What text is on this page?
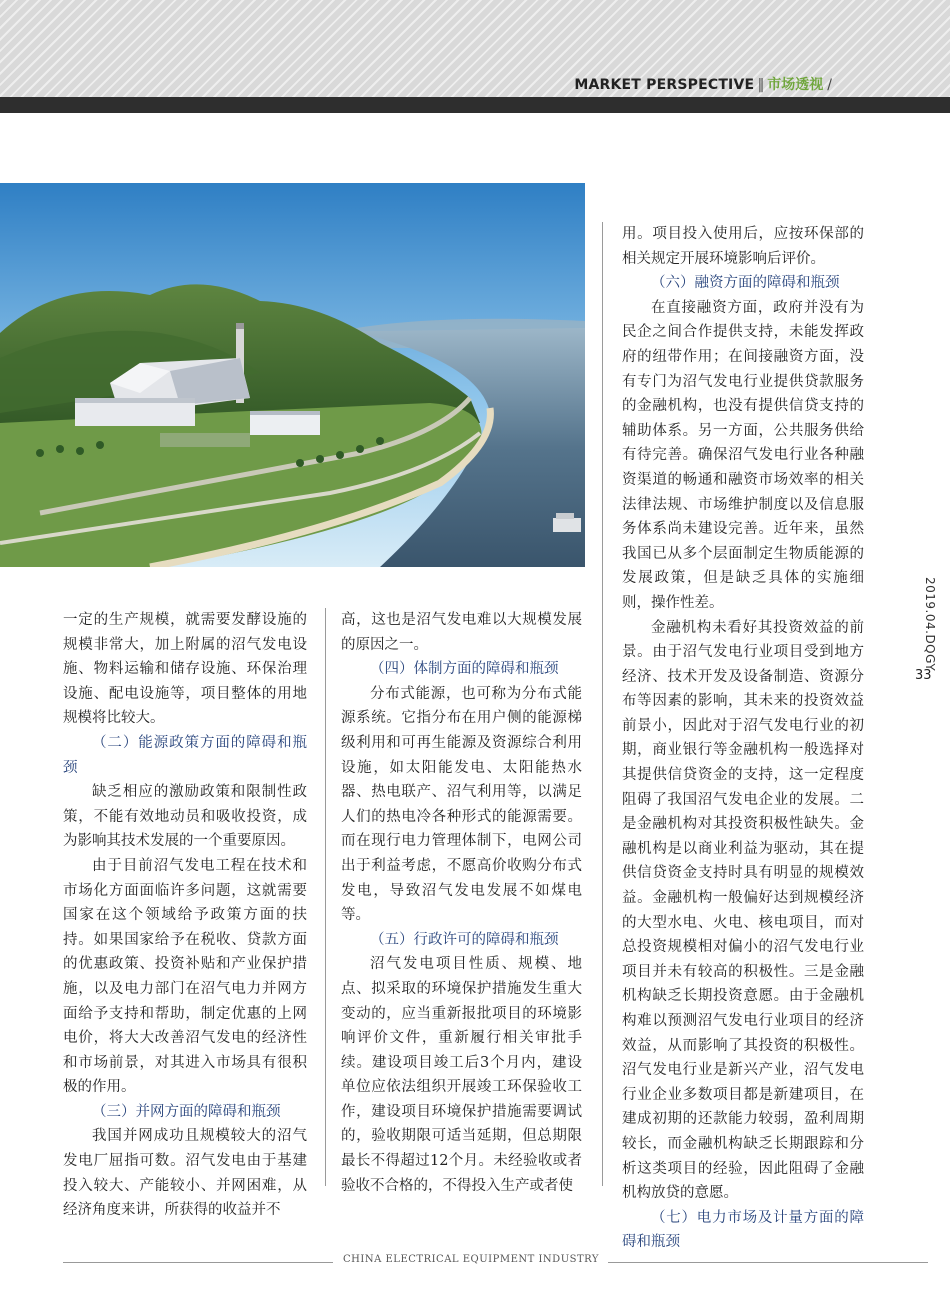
MARKET PERSPECTIVE ‖ 市场透视 /

一定的生产规模，就需要发酵设施的规模非常大，加上附属的沼气发电设施、物料运输和储存设施、环保治理设施、配电设施等，项目整体的用地规模将比较大。

（二）能源政策方面的障碍和瓶颈

缺乏相应的激励政策和限制性政策，不能有效地动员和吸收投资，成为影响其技术发展的一个重要原因。

由于目前沼气发电工程在技术和市场化方面面临许多问题，这就需要国家在这个领域给予政策方面的扶持。如果国家给予在税收、贷款方面的优惠政策、投资补贴和产业保护措施，以及电力部门在沼气电力并网方面给予支持和帮助，制定优惠的上网电价，将大大改善沼气发电的经济性和市场前景，对其进入市场具有很积极的作用。

（三）并网方面的障碍和瓶颈

我国并网成功且规模较大的沼气发电厂屈指可数。沼气发电由于基建投入较大、产能较小、并网困难，从经济角度来讲，所获得的收益并不

高，这也是沼气发电难以大规模发展的原因之一。

（四）体制方面的障碍和瓶颈

分布式能源，也可称为分布式能源系统。它指分布在用户侧的能源梯级利用和可再生能源及资源综合利用设施，如太阳能发电、太阳能热水器、热电联产、沼气利用等，以满足人们的热电冷各种形式的能源需要。而在现行电力管理体制下，电网公司出于利益考虑，不愿高价收购分布式发电，导致沼气发电发展不如煤电等。

（五）行政许可的障碍和瓶颈

沼气发电项目性质、规模、地点、拟采取的环境保护措施发生重大变动的，应当重新报批项目的环境影响评价文件，重新履行相关审批手续。建设项目竣工后3个月内，建设单位应依法组织开展竣工环保验收工作，建设项目环境保护措施需要调试的，验收期限可适当延期，但总期限最长不得超过12个月。未经验收或者验收不合格的，不得投入生产或者使

用。项目投入使用后，应按环保部的相关规定开展环境影响后评价。

（六）融资方面的障碍和瓶颈

在直接融资方面，政府并没有为民企之间合作提供支持，未能发挥政府的纽带作用；在间接融资方面，没有专门为沼气发电行业提供贷款服务的金融机构，也没有提供信贷支持的辅助体系。另一方面，公共服务供给有待完善。确保沼气发电行业各种融资渠道的畅通和融资市场效率的相关法律法规、市场维护制度以及信息服务体系尚未建设完善。近年来，虽然我国已从多个层面制定生物质能源的发展政策，但是缺乏具体的实施细则，操作性差。

金融机构未看好其投资效益的前景。由于沼气发电行业项目受到地方经济、技术开发及设备制造、资源分布等因素的影响，其未来的投资效益前景小，因此对于沼气发电行业的初期，商业银行等金融机构一般选择对其提供信贷资金的支持，这一定程度阻碍了我国沼气发电企业的发展。二是金融机构对其投资积极性缺失。金融机构是以商业利益为驱动，其在提供信贷资金支持时具有明显的规模效益。金融机构一般偏好达到规模经济的大型水电、火电、核电项目，而对总投资规模相对偏小的沼气发电行业项目并未有较高的积极性。三是金融机构缺乏长期投资意愿。由于金融机构难以预测沼气发电行业项目的经济效益，从而影响了其投资的积极性。沼气发电行业是新兴产业，沼气发电行业企业多数项目都是新建项目，在建成初期的还款能力较弱，盈利周期较长，而金融机构缺乏长期跟踪和分析这类项目的经验，因此阻碍了金融机构放贷的意愿。

（七）电力市场及计量方面的障碍和瓶颈

2019.04.DQGY
33
CHINA ELECTRICAL EQUIPMENT INDUSTRY
